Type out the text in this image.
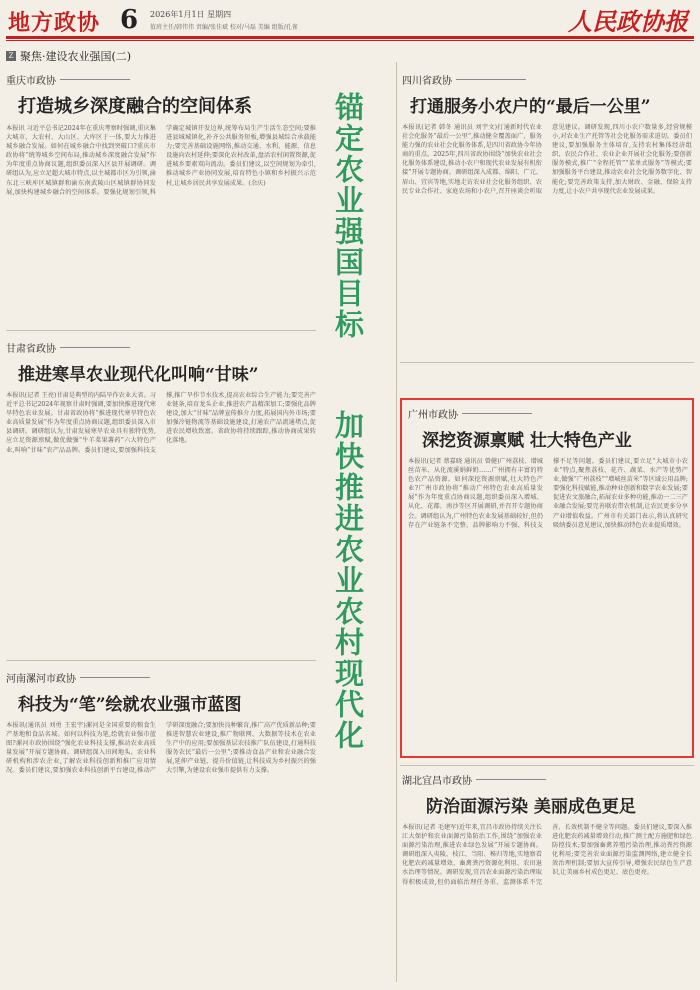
地方政协 6 2026年1月1日 星期四
值班主任/韩伟伟 责编/张佳斌 校对/马磊 美编 组版/孔雀	人民政协报
Z 聚焦·建设农业强国(二)
锚定农业强国目标
加快推进农业农村现代化
重庆市政协
打造城乡深度融合的空间体系
本报讯 习近平总书记2024年在重庆考察时强调,重庆集大城市、大农村、大山区、大库区于一体,要大力推进城乡融合发展。如何在城乡融合中找到突破口?重庆市政协将“统筹城乡空间布局,推动城乡深度融合发展”作为年度重点协商议题,组织委员深入区县开展调研。调研组认为,应立足超大城市特点,以主城都市区为引领,渝东北三峡库区城镇群和渝东南武陵山区城镇群协同发展,加快构建城乡融合的空间体系。要强化规划引领,科学确定城镇开发边界,统筹布局生产生活生态空间;要推进县城城镇化,补齐公共服务短板,增强县城综合承载能力;要完善基础设施网络,推动交通、水利、能源、信息设施向农村延伸;要深化农村改革,盘活农村闲置资源,促进城乡要素双向流动。委员们建议,以空间规划为牵引,推动城乡产业协同发展,培育特色小镇和乡村振兴示范村,让城乡居民共享发展成果。(余庆)
四川省政协
打通服务小农户的“最后一公里”
本报讯(记者 韩冬 通讯员 刘宇文)打通新时代农业社会化服务“最后一公里”,推动健全覆盖面广、服务能力强的农业社会化服务体系,是四川省政协今年协商的重点。2025年,四川省政协围绕“加快农业社会化服务体系建设,推动小农户和现代农业发展有机衔接”开展专题协商。调研组深入成都、绵阳、广元、眉山、宜宾等地,实地走访农业社会化服务组织、农民专业合作社、家庭农场和小农户,召开座谈会听取意见建议。调研发现,四川小农户数量多,经营规模小,对农业生产托管等社会化服务需求迫切。委员们建议,要加强服务主体培育,支持农村集体经济组织、农民合作社、农业企业开展社会化服务;要创新服务模式,推广“全程托管”“菜单式服务”等模式;要加强服务平台建设,推动农业社会化服务数字化、智能化;要完善政策支持,加大财政、金融、保险支持力度,让小农户共享现代农业发展成果。
甘肃省政协
推进寒旱农业现代化叫响“甘味”
本报讯(记者 王亮)甘肃是典型的内陆旱作农业大省。习近平总书记2024年视察甘肃时强调,要加快推进现代寒旱特色农业发展。甘肃省政协将“推进现代寒旱特色农业高质量发展”作为年度重点协商议题,组织委员深入市县调研。调研组认为,甘肃发展寒旱农业具有独特优势,应立足资源禀赋,做优做强“牛羊菜果薯药”六大特色产业,叫响“甘味”农产品品牌。委员们建议,要加强科技支撑,推广旱作节水技术,提高农业综合生产能力;要完善产业链条,培育龙头企业,推进农产品精深加工;要强化品牌建设,加大“甘味”品牌宣传推介力度,拓展国内外市场;要加强冷链物流等基础设施建设,打通农产品流通堵点,促进农民增收致富。省政协将持续跟踪,推动协商成果转化落地。
广州市政协
深挖资源禀赋 壮大特色产业
本报讯(记者 蔡嘉晓 通讯员 曾健)广州荔枝、增城丝苗米、从化流溪娟鲜奶……广州拥有丰富的特色农产品资源。如何深挖资源禀赋,壮大特色产业?广州市政协将“推动广州特色农业高质量发展”作为年度重点协商议题,组织委员深入增城、从化、花都、南沙等区开展调研,并召开专题协商会。调研组认为,广州特色农业发展基础较好,但仍存在产业链条不完整、品牌影响力不强、科技支撑不足等问题。委员们建议,要立足“大城市小农业”特点,聚焦荔枝、花卉、蔬菜、水产等优势产业,做强“广州荔枝”“增城丝苗米”等区域公用品牌;要强化科技赋能,推动种业创新和数字农业发展;要促进农文旅融合,拓展农业多种功能,推动一二三产业融合发展;要完善联农带农机制,让农民更多分享产业增值收益。广州市有关部门表示,将认真研究吸纳委员意见建议,加快推动特色农业提质增效。
河南漯河市政协
科技为“笔”绘就农业强市蓝图
本报讯(通讯员 刘勇 王宏宇)漯河是全国重要的粮食生产基地和食品名城。如何以科技为笔,绘就农业强市蓝图?漯河市政协围绕“强化农业科技支撑,推动农业高质量发展”开展专题协商。调研组深入田间地头、农业科研机构和涉农企业,了解农业科技创新和推广应用情况。委员们建议,要加强农业科技创新平台建设,推动产学研深度融合;要加快良种繁育,推广高产优质新品种;要推进智慧农业建设,推广物联网、大数据等技术在农业生产中的应用;要加强基层农技推广队伍建设,打通科技服务农民“最后一公里”;要推动食品产业和农业融合发展,延伸产业链、提升价值链,让科技成为乡村振兴的强大引擎,为建设农业强市提供有力支撑。
湖北宜昌市政协
防治面源污染 美丽成色更足
本报讯(记者 毛建军)近年来,宜昌市政协持续关注长江大保护和农业面源污染防治工作,围绕“加强农业面源污染治理,推进农业绿色发展”开展专题协商。调研组深入夷陵、枝江、当阳、秭归等地,实地察看化肥农药减量增效、畜禽粪污资源化利用、农田退水治理等情况。调研发现,宜昌农业面源污染治理取得积极成效,但仍面临治理任务重、监测体系不完善、长效机制不健全等问题。委员们建议,要深入推进化肥农药减量增效行动,推广测土配方施肥和绿色防控技术;要加强畜禽养殖污染治理,推动粪污资源化利用;要完善农业面源污染监测网络,建立健全长效治理机制;要加大宣传引导,增强农民绿色生产意识,让美丽乡村成色更足、底色更亮。
